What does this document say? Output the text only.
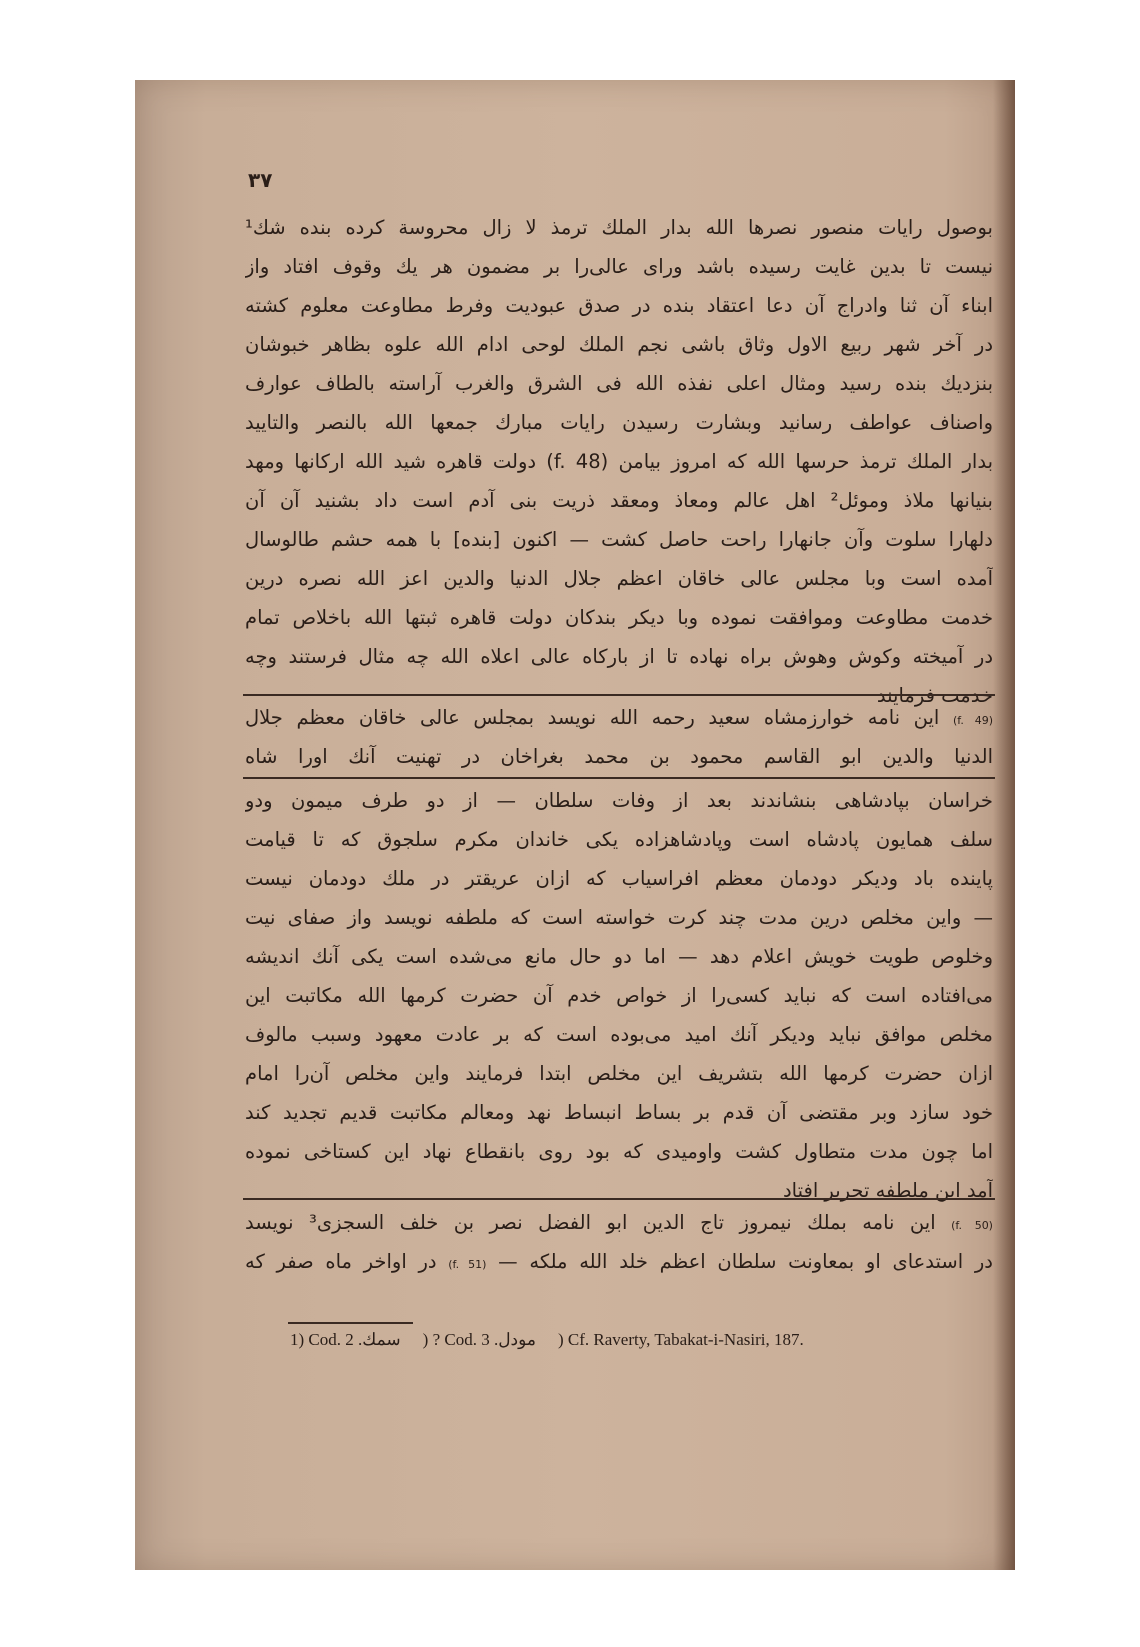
۳۷
بوصول رایات منصور نصرها الله بدار الملك ترمذ لا زال محروسة کرده بنده شك¹
نیست تا بدین غایت رسیده باشد ورای عالی‌را بر مضمون هر یك وقوف افتاد واز
ابناء آن ثنا وادراج آن دعا اعتقاد بنده در صدق عبودیت وفرط مطاوعت معلوم کشته
در آخر شهر ربیع الاول وثاق باشی نجم الملك لوحی ادام الله علوه بظاهر خبوشان
بنزدیك بنده رسید ومثال اعلی نفذه الله فی الشرق والغرب آراسته بالطاف عوارف
واصناف عواطف رسانید وبشارت رسیدن رایات مبارك جمعها الله بالنصر والتایید
بدار الملك ترمذ حرسها الله که امروز بیامن (f. 48) دولت قاهره شید الله ارکانها ومهد
بنیانها ملاذ وموئل² اهل عالم ومعاذ ومعقد ذریت بنی آدم است داد بشنید آن آن
دلهارا سلوت وآن جانهارا راحت حاصل کشت — اکنون [بنده] با همه حشم طالوسال
آمده است وبا مجلس عالی خاقان اعظم جلال الدنیا والدین اعز الله نصره درین
خدمت مطاوعت وموافقت نموده وبا دیکر بندکان دولت قاهره ثبتها الله باخلاص تمام
در آمیخته وکوش وهوش براه نهاده تا از بارکاه عالی اعلاه الله چه مثال فرستند وچه
خدمت فرمایند
(f. 49) این نامه خوارزمشاه سعید رحمه الله نویسد بمجلس عالی خاقان معظم جلال
الدنیا والدین ابو القاسم محمود بن محمد بغراخان در تهنیت آنك اورا شاه
خراسان بپادشاهی بنشاندند بعد از وفات سلطان — از دو طرف میمون ودو
سلف همایون پادشاه است وپادشاهزاده یکی خاندان مکرم سلجوق که تا قیامت
پاینده باد ودیکر دودمان معظم افراسیاب که ازان عریقتر در ملك دودمان نیست
— واین مخلص درین مدت چند کرت خواسته است که ملطفه نویسد واز صفای نیت
وخلوص طویت خویش اعلام دهد — اما دو حال مانع می‌شده است یکی آنك اندیشه
می‌افتاده است که نباید کسی‌را از خواص خدم آن حضرت کرمها الله مکاتبت این
مخلص موافق نباید ودیکر آنك امید می‌بوده است که بر عادت معهود وسبب مالوف
ازان حضرت کرمها الله بتشریف این مخلص ابتدا فرمایند واین مخلص آن‌را امام
خود سازد وبر مقتضی آن قدم بر بساط انبساط نهد ومعالم مکاتبت قدیم تجدید کند
اما چون مدت متطاول کشت واومیدی که بود روی بانقطاع نهاد این کستاخی نموده
آمد این ملطفه تحریر افتاد
(f. 50) این نامه بملك نیمروز تاج الدین ابو الفضل نصر بن خلف السجزی³ نویسد
در استدعای او بمعاونت سلطان اعظم خلد الله ملکه — (f. 51) در اواخر ماه صفر که
1) Cod. سمك. 2) ? Cod. مودل. 3) Cf. Raverty, Tabakat-i-Nasiri, 187.
